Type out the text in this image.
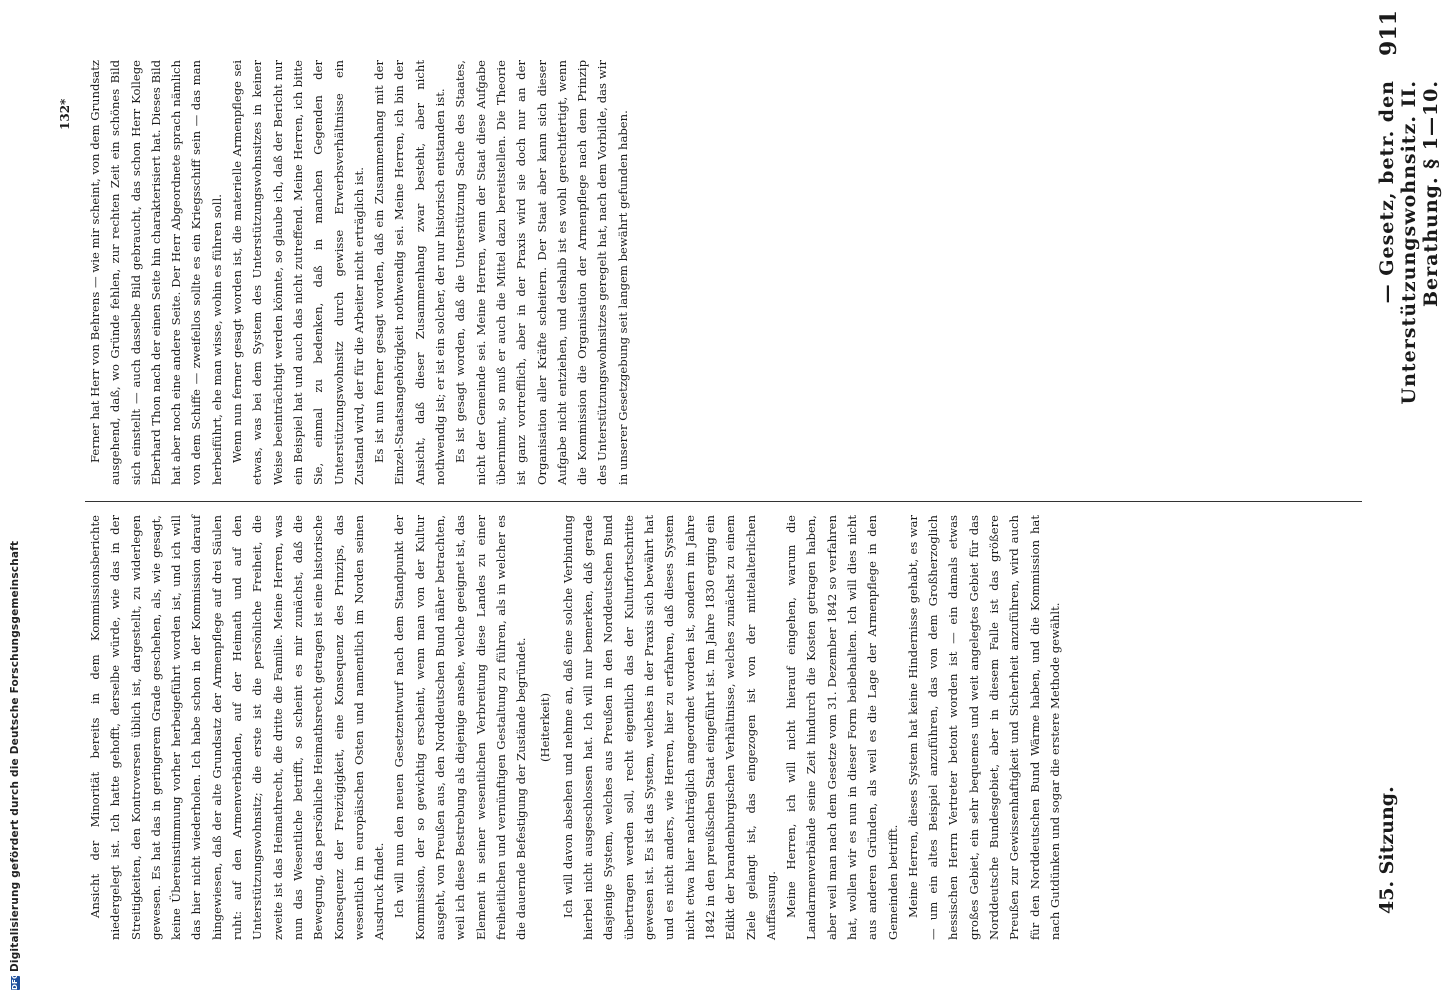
DFG
Digitalisierung gefördert durch die Deutsche Forschungsgemeinschaft	45. Sitzung.
— Gesetz, betr. den Unterstützungswohnsitz. II. Berathung. § 1—10.
911

Ansicht der Minorität bereits in dem Kommissionsberichte niedergelegt ist. Ich hatte gehofft, derselbe würde, wie das in der Streitigkeiten, den Kontroversen üblich ist, dargestellt, zu widerlegen gewesen. Es hat das in geringerem Grade geschehen, als, wie gesagt, keine Übereinstimmung vorher herbeigeführt worden ist, und ich will das hier nicht wiederholen. Ich habe schon in der Kommission darauf hingewiesen, daß der alte Grundsatz der Armenpflege auf drei Säulen ruht: auf den Armenverbänden, auf der Heimath und auf den Unterstützungswohnsitz; die erste ist die persönliche Freiheit, die zweite ist das Heimathrecht, die dritte die Familie. Meine Herren, was nun das Wesentliche betrifft, so scheint es mir zunächst, daß die Bewegung, das persönliche Heimathsrecht getragen ist eine historische Konsequenz der Freizügigkeit, eine Konsequenz des Prinzips, das wesentlich im europäischen Osten und namentlich im Norden seinen Ausdruck findet. Ich will nun den neuen Gesetzentwurf nach dem Standpunkt der Kommission, der so gewichtig erscheint, wenn man von der Kultur ausgeht, von Preußen aus, den Norddeutschen Bund näher betrachten, weil ich diese Bestrebung als diejenige ansehe, welche geeignet ist, das Element in seiner wesentlichen Verbreitung diese Landes zu einer freiheitlichen und vernünftigen Gestaltung zu führen, als in welcher es die dauernde Befestigung der Zustände begründet. (Heiterkeit) Ich will davon absehen und nehme an, daß eine solche Verbindung hierbei nicht ausgeschlossen hat. Ich will nur bemerken, daß gerade dasjenige System, welches aus Preußen in den Norddeutschen Bund übertragen werden soll, recht eigentlich das der Kulturfortschritte gewesen ist. Es ist das System, welches in der Praxis sich bewährt hat und es nicht anders, wie Herren, hier zu erfahren, daß dieses System nicht etwa hier nachträglich angeordnet worden ist, sondern im Jahre 1842 in den preußischen Staat eingeführt ist. Im Jahre 1830 erging ein Edikt der brandenburgischen Verhältnisse, welches zunächst zu einem Ziele gelangt ist, das eingezogen ist von der mittelalterlichen Auffassung. Meine Herren, ich will nicht hierauf eingehen, warum die Landarmenverbände seine Zeit hindurch die Kosten getragen haben, aber weil man nach dem Gesetze vom 31. Dezember 1842 so verfahren hat, wollen wir es nun in dieser Form beibehalten. Ich will dies nicht aus anderen Gründen, als weil es die Lage der Armenpflege in den Gemeinden betrifft. Meine Herren, dieses System hat keine Hindernisse gehabt, es war — um ein altes Beispiel anzuführen, das von dem Großherzoglich hessischen Herrn Vertreter betont worden ist — ein damals etwas großes Gebiet, ein sehr bequemes und weit angelegtes Gebiet für das Norddeutsche Bundesgebiet, aber in diesem Falle ist das größere Preußen zur Gewissenhaftigkeit und Sicherheit anzuführen, wird auch für den Norddeutschen Bund Wärme haben, und die Kommission hat nach Gutdünken und sogar die erstere Methode gewählt.

Ferner hat Herr von Behrens — wie mir scheint, von dem Grundsatz ausgehend, daß, wo Gründe fehlen, zur rechten Zeit ein schönes Bild sich einstellt — auch dasselbe Bild gebraucht, das schon Herr Kollege Eberhard Thon nach der einen Seite hin charakterisiert hat. Dieses Bild hat aber noch eine andere Seite. Der Herr Abgeordnete sprach nämlich von dem Schiffe — zweifellos sollte es ein Kriegsschiff sein — das man herbeiführt, ehe man wisse, wohin es führen soll. Wenn nun ferner gesagt worden ist, die materielle Armenpflege sei etwas, was bei dem System des Unterstützungswohnsitzes in keiner Weise beeinträchtigt werden könnte, so glaube ich, daß der Bericht nur ein Beispiel hat und auch das nicht zutreffend. Meine Herren, ich bitte Sie, einmal zu bedenken, daß in manchen Gegenden der Unterstützungswohnsitz durch gewisse Erwerbsverhältnisse ein Zustand wird, der für die Arbeiter nicht erträglich ist. Es ist nun ferner gesagt worden, daß ein Zusammenhang mit der Einzel-Staatsangehörigkeit nothwendig sei. Meine Herren, ich bin der Ansicht, daß dieser Zusammenhang zwar besteht, aber nicht nothwendig ist; er ist ein solcher, der nur historisch entstanden ist. Es ist gesagt worden, daß die Unterstützung Sache des Staates, nicht der Gemeinde sei. Meine Herren, wenn der Staat diese Aufgabe übernimmt, so muß er auch die Mittel dazu bereitstellen. Die Theorie ist ganz vortrefflich, aber in der Praxis wird sie doch nur an der Organisation aller Kräfte scheitern. Der Staat aber kann sich dieser Aufgabe nicht entziehen, und deshalb ist es wohl gerechtfertigt, wenn die Kommission die Organisation der Armenpflege nach dem Prinzip des Unterstützungswohnsitzes geregelt hat, nach dem Vorbilde, das wir in unserer Gesetzgebung seit langem bewährt gefunden haben.

132*
